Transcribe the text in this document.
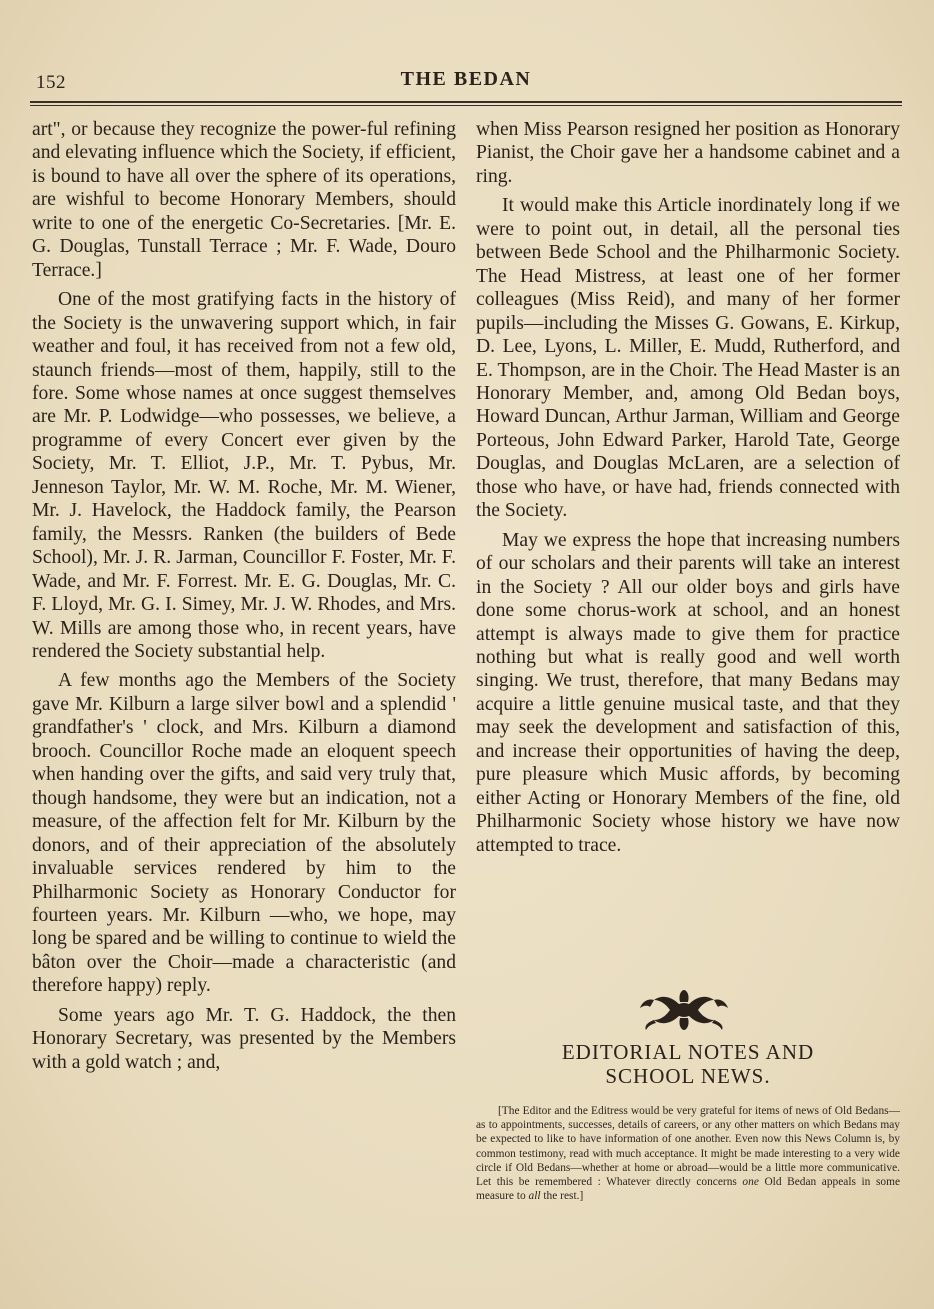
152	THE BEDAN

art", or because they recognize the power-ful refining and elevating influence which the Society, if efficient, is bound to have all over the sphere of its operations, are wishful to become Honorary Members, should write to one of the energetic Co-Secretaries. [Mr. E. G. Douglas, Tunstall Terrace ; Mr. F. Wade, Douro Terrace.]

One of the most gratifying facts in the history of the Society is the unwavering support which, in fair weather and foul, it has received from not a few old, staunch friends—most of them, happily, still to the fore. Some whose names at once suggest themselves are Mr. P. Lodwidge—who possesses, we believe, a programme of every Concert ever given by the Society, Mr. T. Elliot, J.P., Mr. T. Pybus, Mr. Jenneson Taylor, Mr. W. M. Roche, Mr. M. Wiener, Mr. J. Havelock, the Haddock family, the Pearson family, the Messrs. Ranken (the builders of Bede School), Mr. J. R. Jarman, Councillor F. Foster, Mr. F. Wade, and Mr. F. Forrest. Mr. E. G. Douglas, Mr. C. F. Lloyd, Mr. G. I. Simey, Mr. J. W. Rhodes, and Mrs. W. Mills are among those who, in recent years, have rendered the Society substantial help.

A few months ago the Members of the Society gave Mr. Kilburn a large silver bowl and a splendid ' grandfather's ' clock, and Mrs. Kilburn a diamond brooch. Councillor Roche made an eloquent speech when handing over the gifts, and said very truly that, though handsome, they were but an indication, not a measure, of the affection felt for Mr. Kilburn by the donors, and of their appreciation of the absolutely invaluable services rendered by him to the Philharmonic Society as Honorary Conductor for fourteen years. Mr. Kilburn —who, we hope, may long be spared and be willing to continue to wield the bâton over the Choir—made a characteristic (and therefore happy) reply.

Some years ago Mr. T. G. Haddock, the then Honorary Secretary, was presented by the Members with a gold watch ; and,

when Miss Pearson resigned her position as Honorary Pianist, the Choir gave her a handsome cabinet and a ring.

It would make this Article inordinately long if we were to point out, in detail, all the personal ties between Bede School and the Philharmonic Society. The Head Mistress, at least one of her former colleagues (Miss Reid), and many of her former pupils—including the Misses G. Gowans, E. Kirkup, D. Lee, Lyons, L. Miller, E. Mudd, Rutherford, and E. Thompson, are in the Choir. The Head Master is an Honorary Member, and, among Old Bedan boys, Howard Duncan, Arthur Jarman, William and George Porteous, John Edward Parker, Harold Tate, George Douglas, and Douglas McLaren, are a selection of those who have, or have had, friends connected with the Society.

May we express the hope that increasing numbers of our scholars and their parents will take an interest in the Society ? All our older boys and girls have done some chorus-work at school, and an honest attempt is always made to give them for practice nothing but what is really good and well worth singing. We trust, therefore, that many Bedans may acquire a little genuine musical taste, and that they may seek the development and satisfaction of this, and increase their opportunities of having the deep, pure pleasure which Music affords, by becoming either Acting or Honorary Members of the fine, old Philharmonic Society whose history we have now attempted to trace.

EDITORIAL NOTES AND
SCHOOL NEWS.
[The Editor and the Editress would be very grateful for items of news of Old Bedans—as to appointments, successes, details of careers, or any other matters on which Bedans may be expected to like to have information of one another. Even now this News Column is, by common testimony, read with much acceptance. It might be made interesting to a very wide circle if Old Bedans—whether at home or abroad—would be a little more communicative. Let this be remembered : Whatever directly concerns one Old Bedan appeals in some measure to all the rest.]
